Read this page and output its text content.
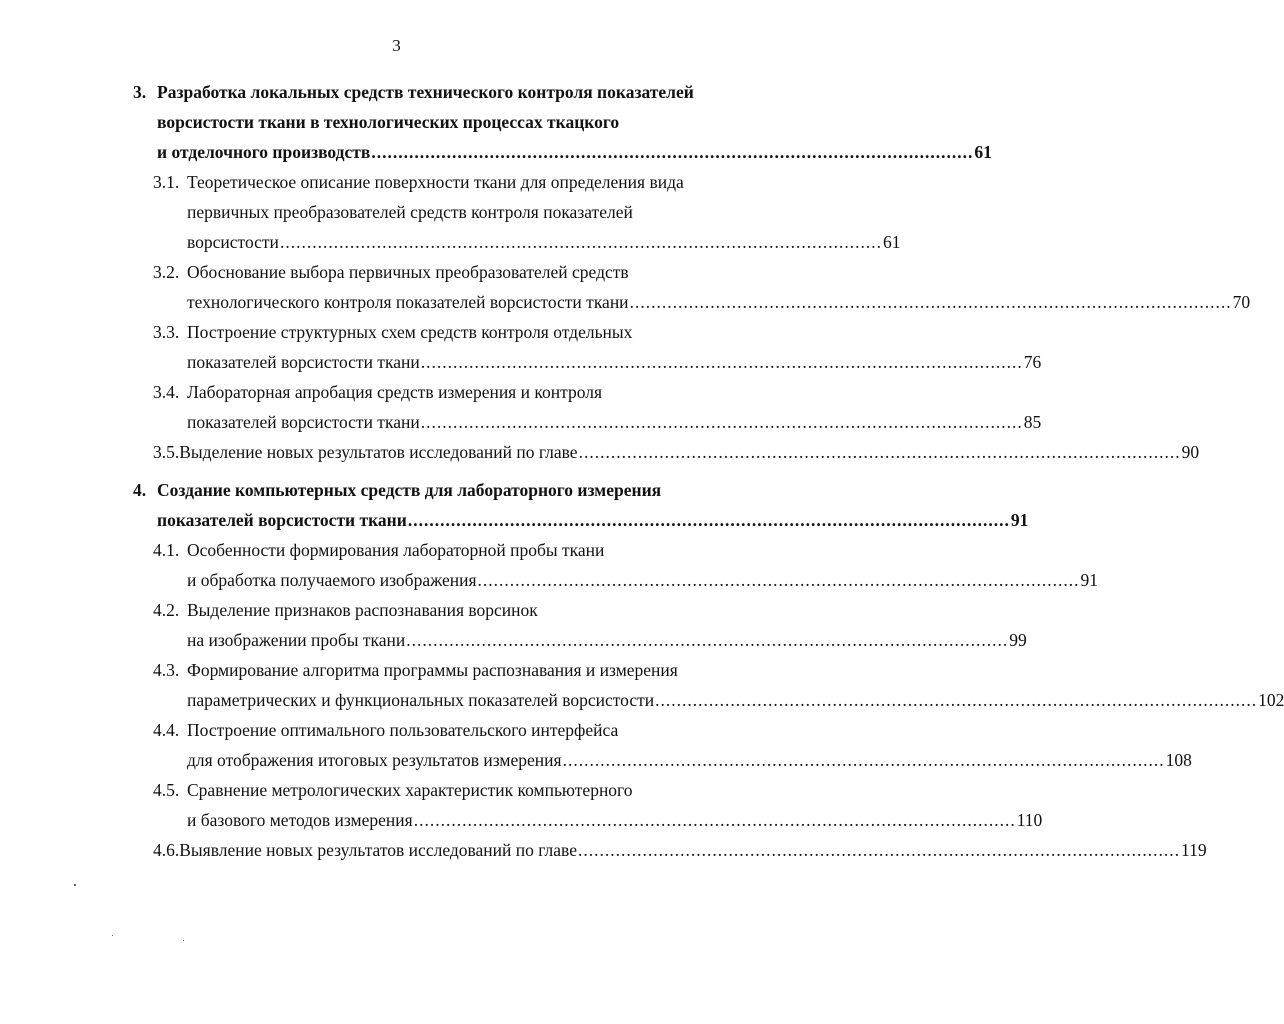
3
3. Разработка локальных средств технического контроля показателей
ворсистости ткани в технологических процессах ткацкого
и отделочного производств ................................................................................................................ 61
3.1. Теоретическое описание поверхности ткани для определения вида
первичных преобразователей средств контроля показателей
ворсистости ................................................................................................................ 61
3.2. Обоснование выбора первичных преобразователей средств
технологического контроля показателей ворсистости ткани ................................................................................................................ 70
3.3. Построение структурных схем средств контроля отдельных
показателей ворсистости ткани ................................................................................................................ 76
3.4. Лабораторная апробация средств измерения и контроля
показателей ворсистости ткани ................................................................................................................ 85
3.5. Выделение новых результатов исследований по главе ................................................................................................................ 90
4. Создание компьютерных средств для лабораторного измерения
показателей ворсистости ткани ................................................................................................................ 91
4.1. Особенности формирования лабораторной пробы ткани
и обработка получаемого изображения ................................................................................................................ 91
4.2. Выделение признаков распознавания ворсинок
на изображении пробы ткани ................................................................................................................ 99
4.3. Формирование алгоритма программы распознавания и измерения
параметрических и функциональных показателей ворсистости ................................................................................................................ 102
4.4. Построение оптимального пользовательского интерфейса
для отображения итоговых результатов измерения ................................................................................................................ 108
4.5. Сравнение метрологических характеристик компьютерного
и базового методов измерения ................................................................................................................ 110
4.6. Выявление новых результатов исследований по главе ................................................................................................................ 119
